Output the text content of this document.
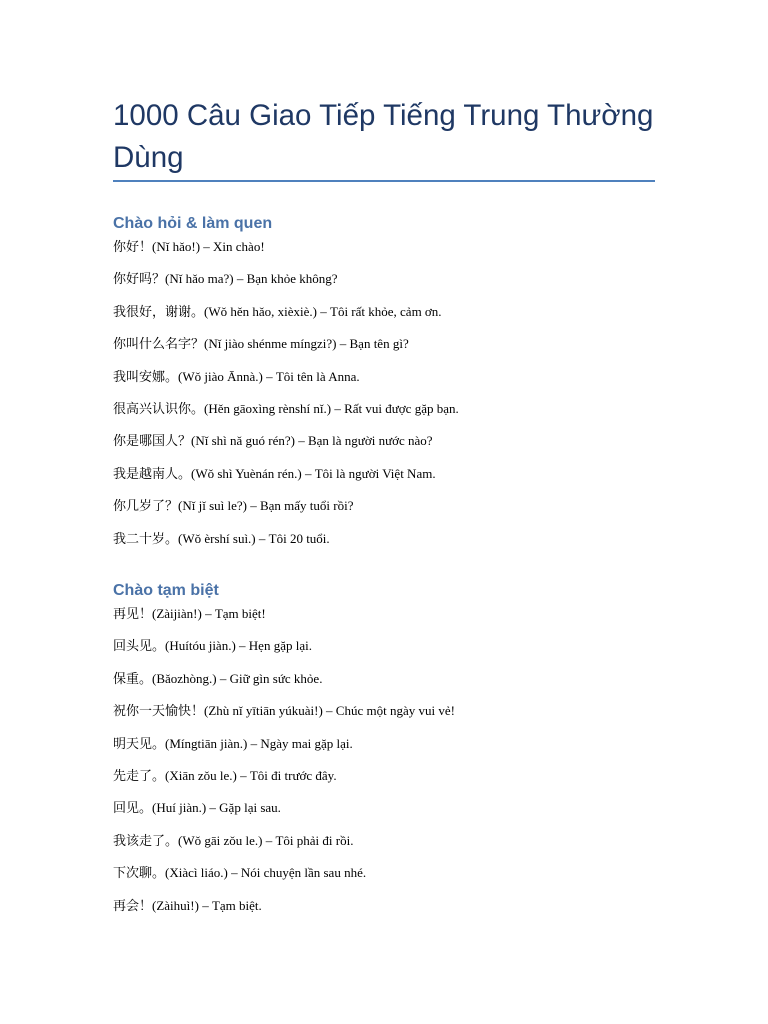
1000 Câu Giao Tiếp Tiếng Trung Thường Dùng
Chào hỏi & làm quen

你好！(Nǐ hǎo!) – Xin chào!

你好吗？(Nǐ hǎo ma?) – Bạn khỏe không?

我很好，谢谢。(Wǒ hěn hǎo, xièxiè.) – Tôi rất khỏe, cảm ơn.

你叫什么名字？(Nǐ jiào shénme míngzi?) – Bạn tên gì?

我叫安娜。(Wǒ jiào Ānnà.) – Tôi tên là Anna.

很高兴认识你。(Hěn gāoxìng rènshí nǐ.) – Rất vui được gặp bạn.

你是哪国人？(Nǐ shì nǎ guó rén?) – Bạn là người nước nào?

我是越南人。(Wǒ shì Yuènán rén.) – Tôi là người Việt Nam.

你几岁了？(Nǐ jǐ suì le?) – Bạn mấy tuổi rồi?

我二十岁。(Wǒ èrshí suì.) – Tôi 20 tuổi.

Chào tạm biệt

再见！(Zàijiàn!) – Tạm biệt!

回头见。(Huítóu jiàn.) – Hẹn gặp lại.

保重。(Bǎozhòng.) – Giữ gìn sức khỏe.

祝你一天愉快！(Zhù nǐ yītiān yúkuài!) – Chúc một ngày vui vẻ!

明天见。(Míngtiān jiàn.) – Ngày mai gặp lại.

先走了。(Xiān zǒu le.) – Tôi đi trước đây.

回见。(Huí jiàn.) – Gặp lại sau.

我该走了。(Wǒ gāi zǒu le.) – Tôi phải đi rồi.

下次聊。(Xiàcì liáo.) – Nói chuyện lần sau nhé.

再会！(Zàihuì!) – Tạm biệt.
